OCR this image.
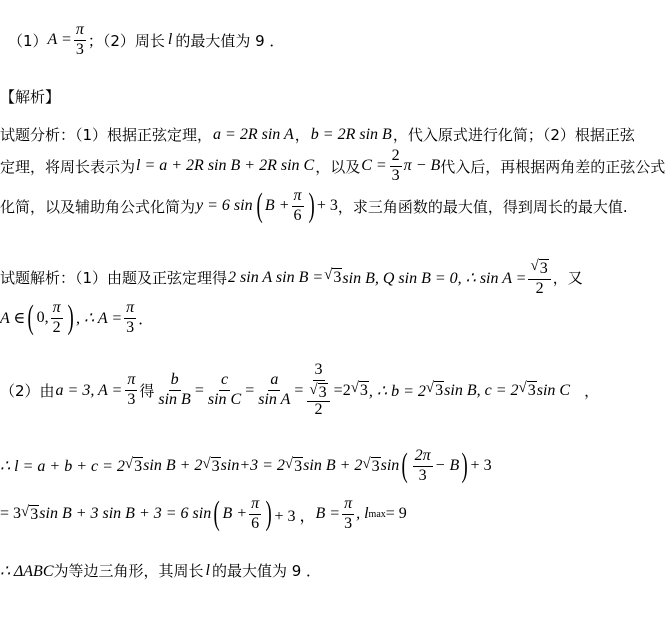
（1） $A = \frac{\pi}{3}$ ；（2）周长 l 的最大值为 9 ．
【解析】
试题分析：（1）根据正弦定理， a = 2R sin A ， b = 2R sin B ，代入原式进行化简；（2）根据正弦
定理，将周长表示为 l = a + 2R sin B + 2R sin C ，以及 $C = \frac{2}{3}$ π − B 代入后，再根据两角差的正弦公式
化简，以及辅助角公式化简为 y = 6 sin ( $B + \frac{\pi}{6}$ ) + 3 ，求三角函数的最大值，得到周长的最大值.
试题解析：（1）由题及正弦定理得 2 sin A sin B = √ 3 sin B, Q sin B = 0, ∴ $\sin A = \frac{√ 3}{2}$ ，又
A ∈ ( 0, $\frac{\pi}{2}$ ) , ∴ $A = \frac{\pi}{3}$ ．
（2）由 a = 3, $A = \frac{\pi}{3}$ 得 $\frac{b}{\text{sin B}} = \frac{c}{\text{sin C}} = \frac{a}{\text{sin A}} = 3$
√ 3
2 = 2 √ 3 , ∴ b = 2 √ 3 sin B, c = 2 √ 3 sin C ，
∴ l = a + b + c = 2 √ 3 sin B + 2 √ 3 sin+3 = 2 √ 3 sin B + 2 √ 3 sin ( $\frac{2\pi}{3} - B$ ) + 3
= 3 √ 3 sin B + 3 sin B + 3 = 6 sin ( $B + \frac{\pi}{6}$ ) + 3 ， $B = \frac{\pi}{3}$ , l max = 9
∴ ΔABC 为等边三角形，其周长 l 的最大值为 9 ．
